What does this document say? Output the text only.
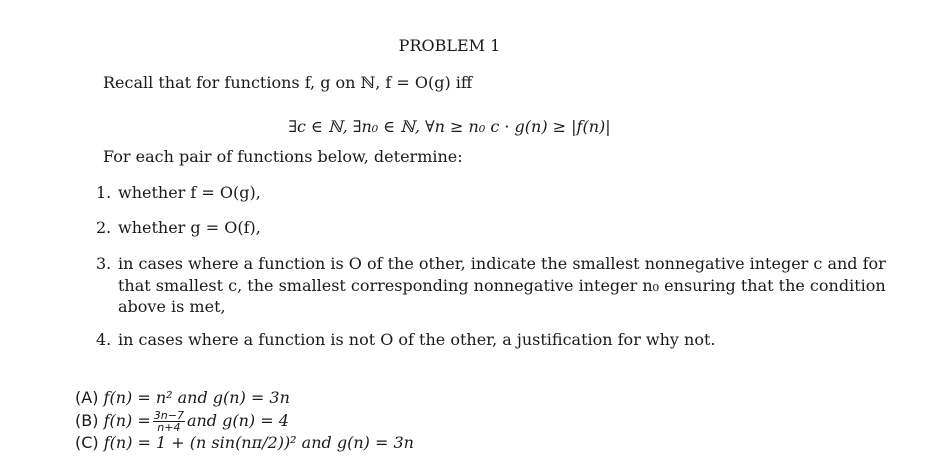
PROBLEM 1
Recall that for functions f, g on ℕ, f = O(g) iff
∃c ∈ ℕ, ∃n₀ ∈ ℕ, ∀n ≥ n₀ c · g(n) ≥ |f(n)|
For each pair of functions below, determine:
1. whether f = O(g),
2. whether g = O(f),
3. in cases where a function is O of the other, indicate the smallest nonnegative integer c and for
that smallest c, the smallest corresponding nonnegative integer n₀ ensuring that the condition
above is met,
4. in cases where a function is not O of the other, a justification for why not.
(A) f(n) = n² and g(n) = 3n
(B) $f(n) = \frac{3n-7}{n+4}$ and g(n) = 4
(C) f(n) = 1 + (n sin(nπ/2))² and g(n) = 3n
